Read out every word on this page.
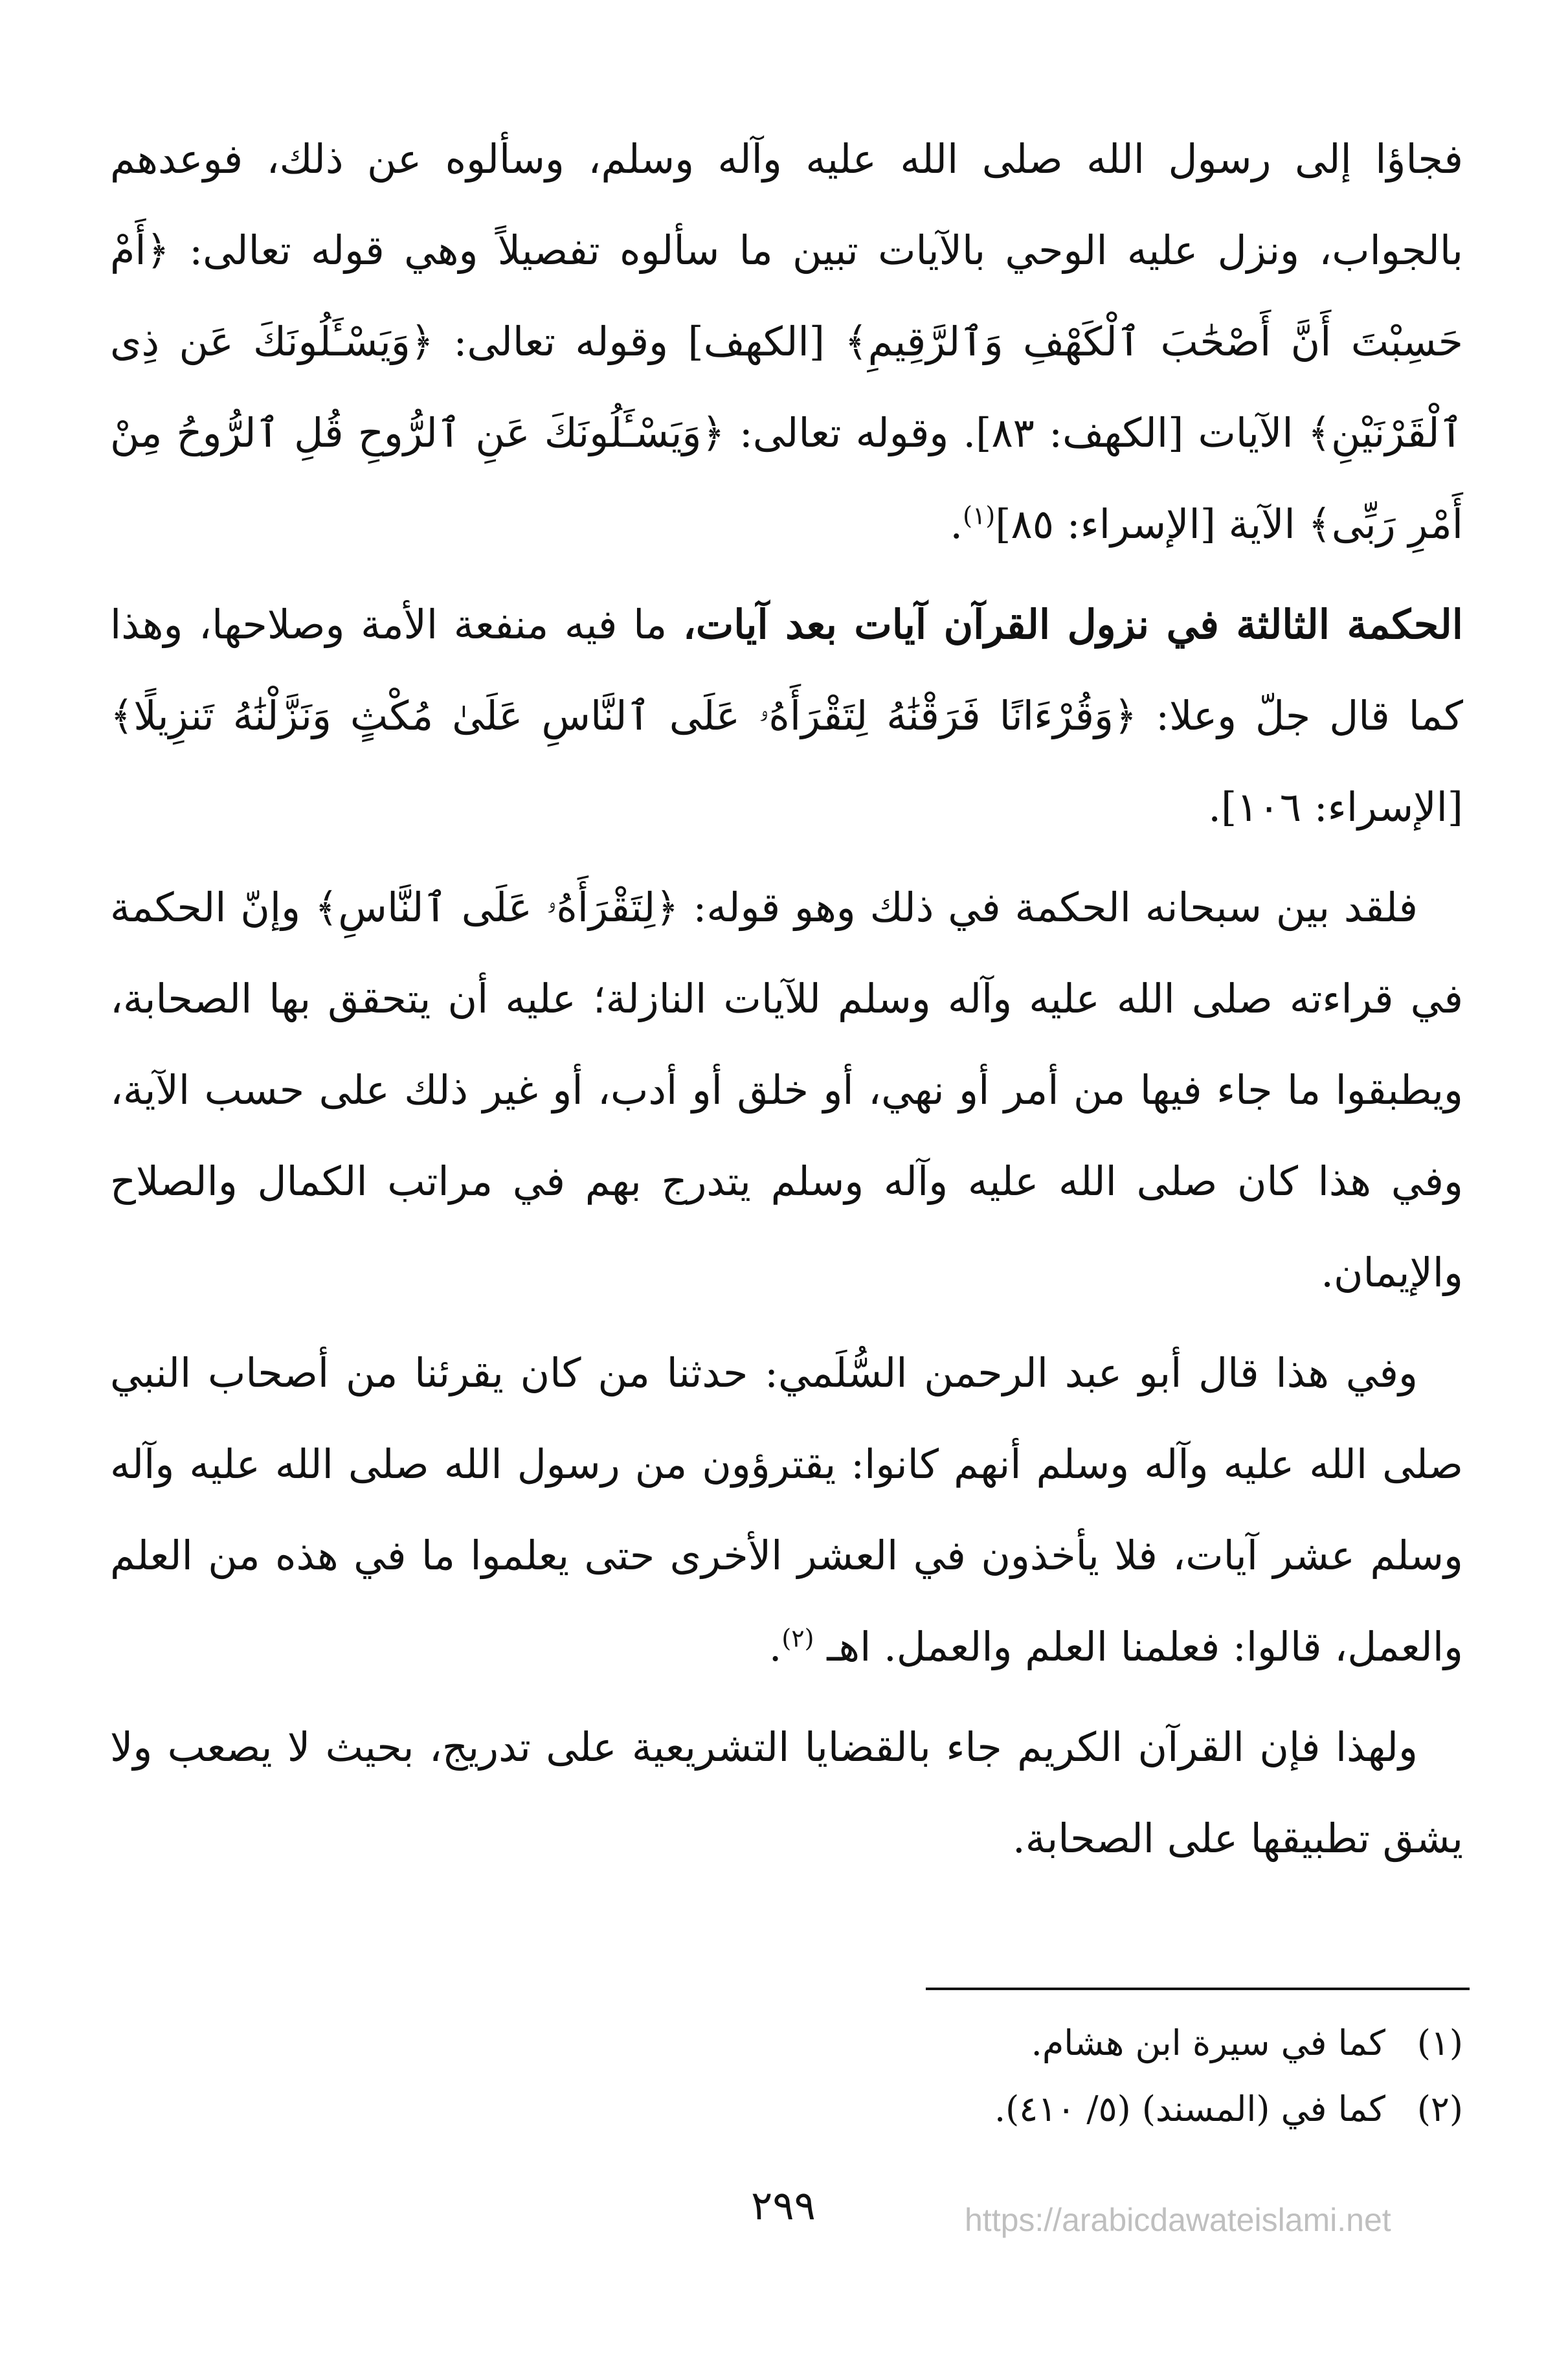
فجاؤا إلى رسول الله صلى الله عليه وآله وسلم، وسألوه عن ذلك، فوعدهم بالجواب، ونزل عليه الوحي بالآيات تبين ما سألوه تفصيلاً وهي قوله تعالى: ﴿أَمْ حَسِبْتَ أَنَّ أَصْحَٰبَ ٱلْكَهْفِ وَٱلرَّقِيمِ﴾ [الكهف] وقوله تعالى: ﴿وَيَسْـَٔلُونَكَ عَن ذِى ٱلْقَرْنَيْنِ﴾ الآيات [الكهف: ٨٣]. وقوله تعالى: ﴿وَيَسْـَٔلُونَكَ عَنِ ٱلرُّوحِ قُلِ ٱلرُّوحُ مِنْ أَمْرِ رَبِّى﴾ الآية [الإسراء: ٨٥]$^{(١)}$.

الحكمة الثالثة في نزول القرآن آيات بعد آيات، ما فيه منفعة الأمة وصلاحها، وهذا كما قال جلّ وعلا: ﴿وَقُرْءَانًا فَرَقْنَٰهُ لِتَقْرَأَهُۥ عَلَى ٱلنَّاسِ عَلَىٰ مُكْثٍ وَنَزَّلْنَٰهُ تَنزِيلًا﴾ [الإسراء: ١٠٦].

فلقد بين سبحانه الحكمة في ذلك وهو قوله: ﴿لِتَقْرَأَهُۥ عَلَى ٱلنَّاسِ﴾ وإنّ الحكمة في قراءته صلى الله عليه وآله وسلم للآيات النازلة؛ عليه أن يتحقق بها الصحابة، ويطبقوا ما جاء فيها من أمر أو نهي، أو خلق أو أدب، أو غير ذلك على حسب الآية، وفي هذا كان صلى الله عليه وآله وسلم يتدرج بهم في مراتب الكمال والصلاح والإيمان.

وفي هذا قال أبو عبد الرحمن السُّلَمي: حدثنا من كان يقرئنا من أصحاب النبي صلى الله عليه وآله وسلم أنهم كانوا: يقترؤون من رسول الله صلى الله عليه وآله وسلم عشر آيات، فلا يأخذون في العشر الأخرى حتى يعلموا ما في هذه من العلم والعمل، قالوا: فعلمنا العلم والعمل. اهـ $^{(٢)}$.

ولهذا فإن القرآن الكريم جاء بالقضايا التشريعية على تدريج، بحيث لا يصعب ولا يشق تطبيقها على الصحابة.

(١)كما في سيرة ابن هشام.

(٢)كما في (المسند) (٥/ ٤١٠).

٢٩٩	https://arabicdawateislami.net
